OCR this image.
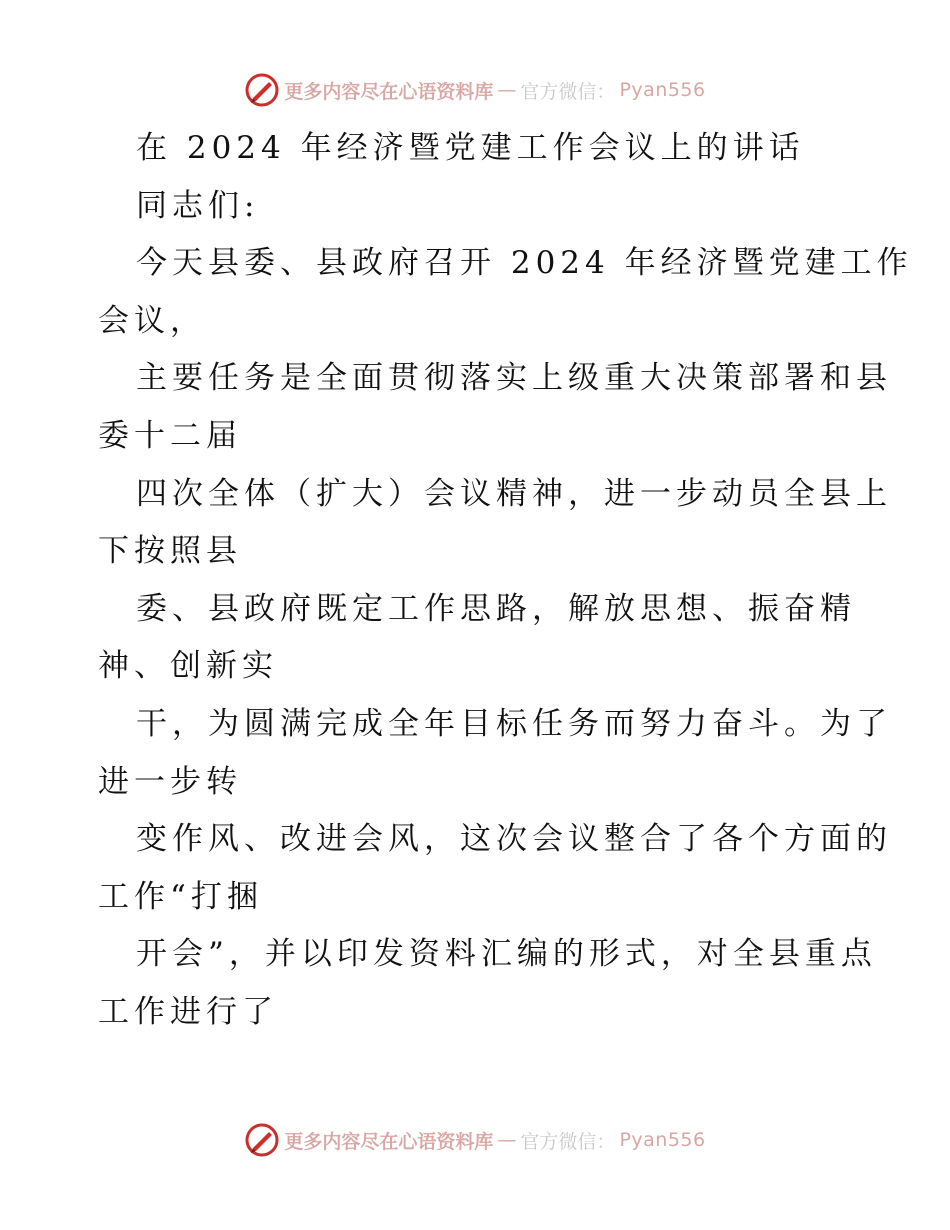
更多内容尽在心语资料库 — 官方微信： Pyan556

在 2024 年经济暨党建工作会议上的讲话

同志们:

今天县委、县政府召开 2024 年经济暨党建工作

会议，

主要任务是全面贯彻落实上级重大决策部署和县

委十二届

四次全体（扩大）会议精神，进一步动员全县上

下按照县

委、县政府既定工作思路，解放思想、振奋精

神、创新实

干，为圆满完成全年目标任务而努力奋斗。为了

进一步转

变作风、改进会风，这次会议整合了各个方面的

工作“打捆

开会”，并以印发资料汇编的形式，对全县重点

工作进行了

更多内容尽在心语资料库 — 官方微信： Pyan556
